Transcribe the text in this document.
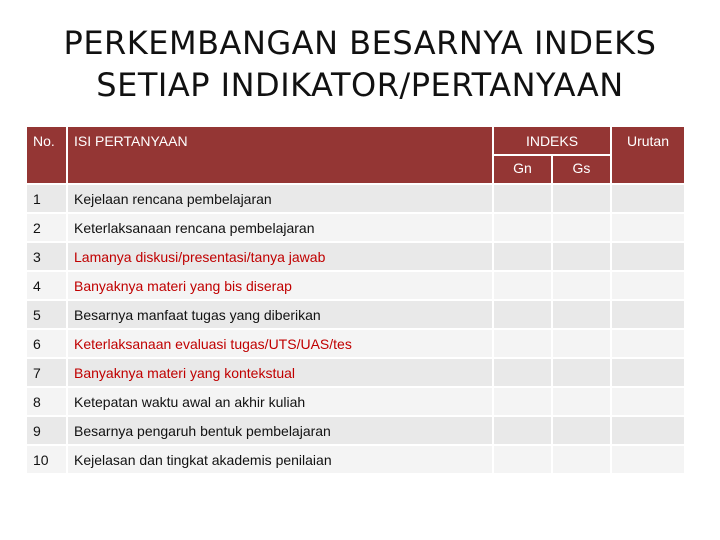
PERKEMBANGAN BESARNYA INDEKS
SETIAP INDIKATOR/PERTANYAAN
No.	ISI PERTANYAAN	INDEKS		Urutan
		Gn	Gs	
1	Kejelaan rencana pembelajaran			
2	Keterlaksanaan rencana pembelajaran			
3	Lamanya diskusi/presentasi/tanya jawab			
4	Banyaknya materi yang bis diserap			
5	Besarnya manfaat tugas yang diberikan			
6	Keterlaksanaan evaluasi tugas/UTS/UAS/tes			
7	Banyaknya materi yang kontekstual			
8	Ketepatan waktu awal an akhir kuliah			
9	Besarnya pengaruh bentuk pembelajaran			
10	Kejelasan dan tingkat akademis penilaian			
